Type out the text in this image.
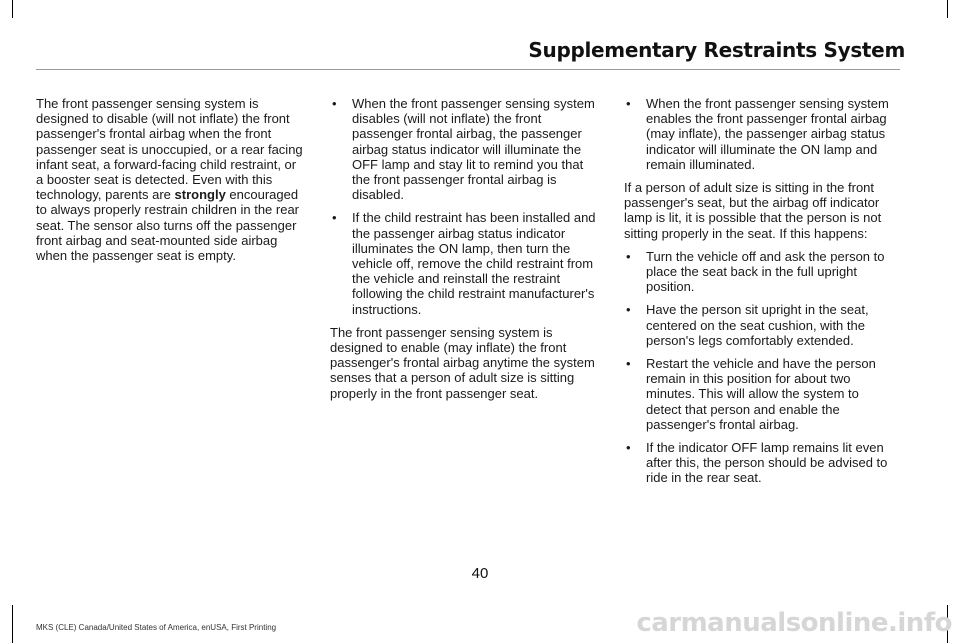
Supplementary Restraints System

The front passenger sensing system is designed to disable (will not inflate) the front passenger's frontal airbag when the front passenger seat is unoccupied, or a rear facing infant seat, a forward-facing child restraint, or a booster seat is detected. Even with this technology, parents are strongly encouraged to always properly restrain children in the rear seat. The sensor also turns off the passenger front airbag and seat-mounted side airbag when the passenger seat is empty.

• When the front passenger sensing system disables (will not inflate) the front passenger frontal airbag, the passenger airbag status indicator will illuminate the OFF lamp and stay lit to remind you that the front passenger frontal airbag is disabled.
• If the child restraint has been installed and the passenger airbag status indicator illuminates the ON lamp, then turn the vehicle off, remove the child restraint from the vehicle and reinstall the restraint following the child restraint manufacturer's instructions.

The front passenger sensing system is designed to enable (may inflate) the front passenger's frontal airbag anytime the system senses that a person of adult size is sitting properly in the front passenger seat.

• When the front passenger sensing system enables the front passenger frontal airbag (may inflate), the passenger airbag status indicator will illuminate the ON lamp and remain illuminated.

If a person of adult size is sitting in the front passenger's seat, but the airbag off indicator lamp is lit, it is possible that the person is not sitting properly in the seat. If this happens:

• Turn the vehicle off and ask the person to place the seat back in the full upright position.
• Have the person sit upright in the seat, centered on the seat cushion, with the person's legs comfortably extended.
• Restart the vehicle and have the person remain in this position for about two minutes. This will allow the system to detect that person and enable the passenger's frontal airbag.
• If the indicator OFF lamp remains lit even after this, the person should be advised to ride in the rear seat.
40
MKS (CLE) Canada/United States of America, enUSA, First Printing	carmanualsonline.info
